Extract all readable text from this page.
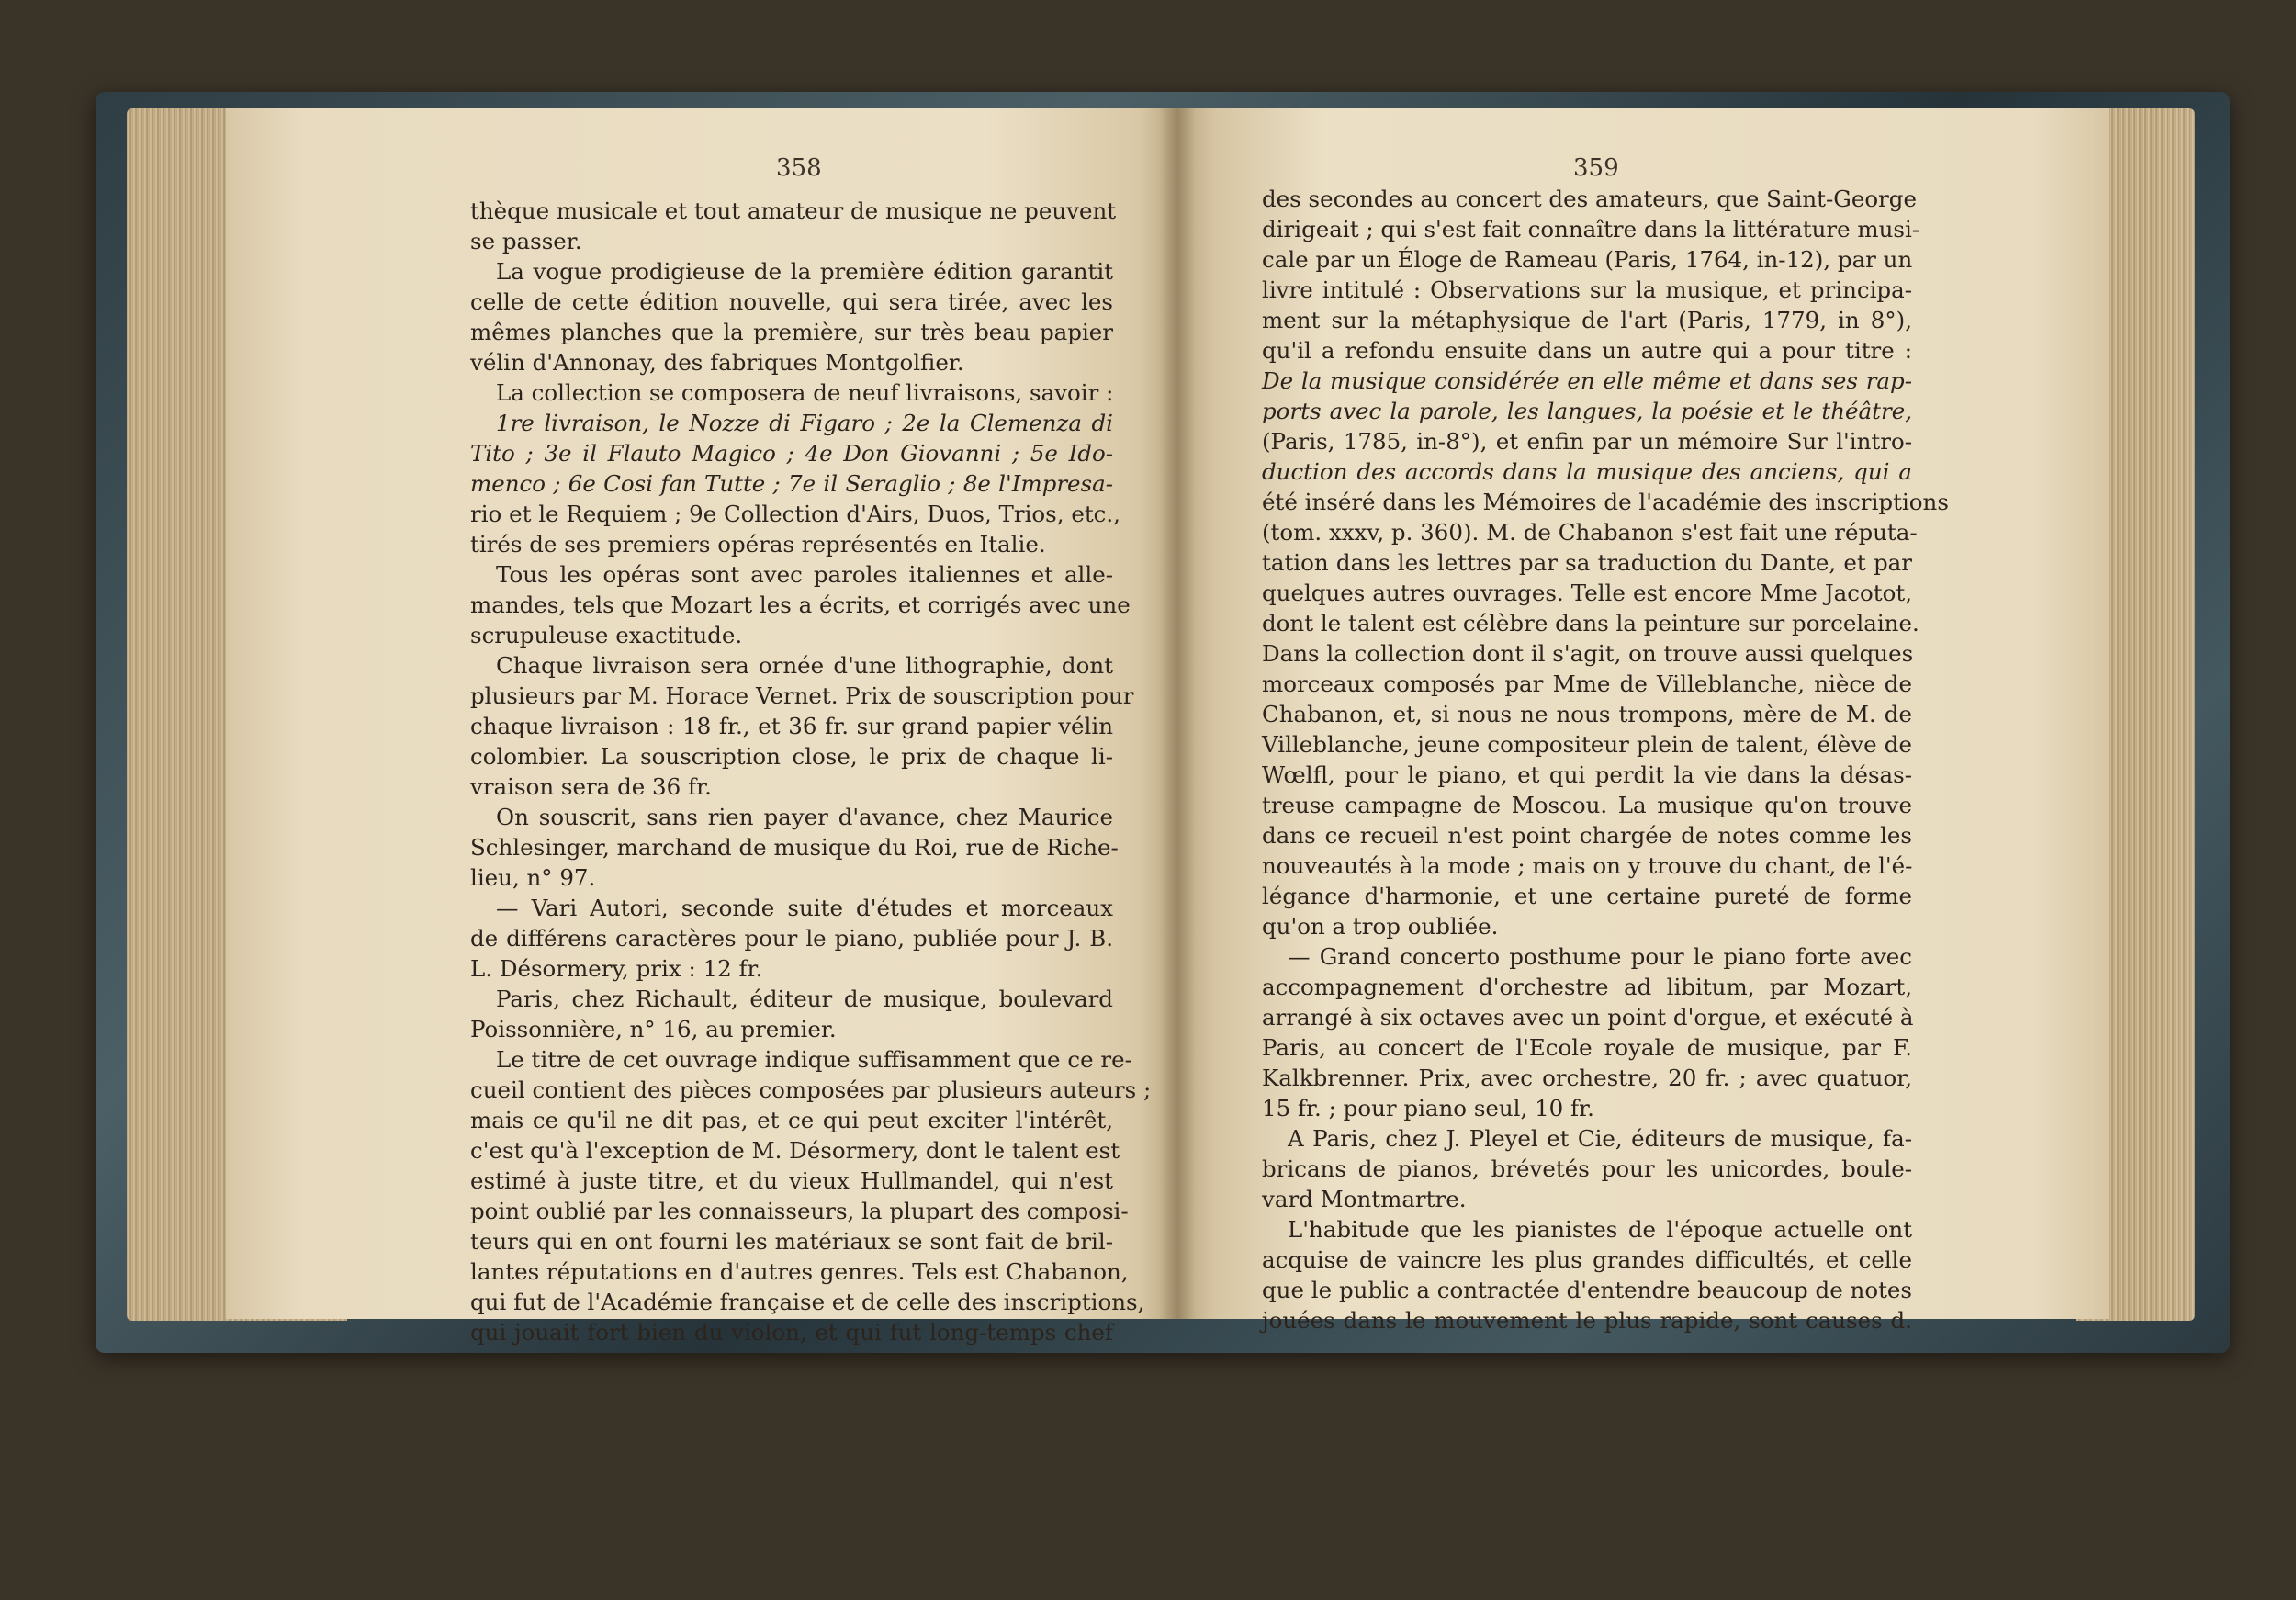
358	359

thèque musicale et tout amateur de musique ne peuvent

se passer.

La vogue prodigieuse de la première édition garantit

celle de cette édition nouvelle, qui sera tirée, avec les

mêmes planches que la première, sur très beau papier

vélin d'Annonay, des fabriques Montgolfier.

La collection se composera de neuf livraisons, savoir :

1re livraison, le Nozze di Figaro ; 2e la Clemenza di

Tito ; 3e il Flauto Magico ; 4e Don Giovanni ; 5e Ido-

menco ; 6e Cosi fan Tutte ; 7e il Seraglio ; 8e l'Impresa-

rio et le Requiem ; 9e Collection d'Airs, Duos, Trios, etc.,

tirés de ses premiers opéras représentés en Italie.

Tous les opéras sont avec paroles italiennes et alle-

mandes, tels que Mozart les a écrits, et corrigés avec une

scrupuleuse exactitude.

Chaque livraison sera ornée d'une lithographie, dont

plusieurs par M. Horace Vernet. Prix de souscription pour

chaque livraison : 18 fr., et 36 fr. sur grand papier vélin

colombier. La souscription close, le prix de chaque li-

vraison sera de 36 fr.

On souscrit, sans rien payer d'avance, chez Maurice

Schlesinger, marchand de musique du Roi, rue de Riche-

lieu, n° 97.

— Vari Autori, seconde suite d'études et morceaux

de différens caractères pour le piano, publiée pour J. B.

L. Désormery, prix : 12 fr.

Paris, chez Richault, éditeur de musique, boulevard

Poissonnière, n° 16, au premier.

Le titre de cet ouvrage indique suffisamment que ce re-

cueil contient des pièces composées par plusieurs auteurs ;

mais ce qu'il ne dit pas, et ce qui peut exciter l'intérêt,

c'est qu'à l'exception de M. Désormery, dont le talent est

estimé à juste titre, et du vieux Hullmandel, qui n'est

point oublié par les connaisseurs, la plupart des composi-

teurs qui en ont fourni les matériaux se sont fait de bril-

lantes réputations en d'autres genres. Tels est Chabanon,

qui fut de l'Académie française et de celle des inscriptions,

qui jouait fort bien du violon, et qui fut long-temps chef

des secondes au concert des amateurs, que Saint-George

dirigeait ; qui s'est fait connaître dans la littérature musi-

cale par un Éloge de Rameau (Paris, 1764, in-12), par un

livre intitulé : Observations sur la musique, et principa-

ment sur la métaphysique de l'art (Paris, 1779, in 8°),

qu'il a refondu ensuite dans un autre qui a pour titre :

De la musique considérée en elle même et dans ses rap-

ports avec la parole, les langues, la poésie et le théâtre,

(Paris, 1785, in-8°), et enfin par un mémoire Sur l'intro-

duction des accords dans la musique des anciens, qui a

été inséré dans les Mémoires de l'académie des inscriptions

(tom. xxxv, p. 360). M. de Chabanon s'est fait une réputa-

tation dans les lettres par sa traduction du Dante, et par

quelques autres ouvrages. Telle est encore Mme Jacotot,

dont le talent est célèbre dans la peinture sur porcelaine.

Dans la collection dont il s'agit, on trouve aussi quelques

morceaux composés par Mme de Villeblanche, nièce de

Chabanon, et, si nous ne nous trompons, mère de M. de

Villeblanche, jeune compositeur plein de talent, élève de

Wœlfl, pour le piano, et qui perdit la vie dans la désas-

treuse campagne de Moscou. La musique qu'on trouve

dans ce recueil n'est point chargée de notes comme les

nouveautés à la mode ; mais on y trouve du chant, de l'é-

légance d'harmonie, et une certaine pureté de forme

qu'on a trop oubliée.

— Grand concerto posthume pour le piano forte avec

accompagnement d'orchestre ad libitum, par Mozart,

arrangé à six octaves avec un point d'orgue, et exécuté à

Paris, au concert de l'Ecole royale de musique, par F.

Kalkbrenner. Prix, avec orchestre, 20 fr. ; avec quatuor,

15 fr. ; pour piano seul, 10 fr.

A Paris, chez J. Pleyel et Cie, éditeurs de musique, fa-

bricans de pianos, brévetés pour les unicordes, boule-

vard Montmartre.

L'habitude que les pianistes de l'époque actuelle ont

acquise de vaincre les plus grandes difficultés, et celle

que le public a contractée d'entendre beaucoup de notes

jouées dans le mouvement le plus rapide, sont causes d.
